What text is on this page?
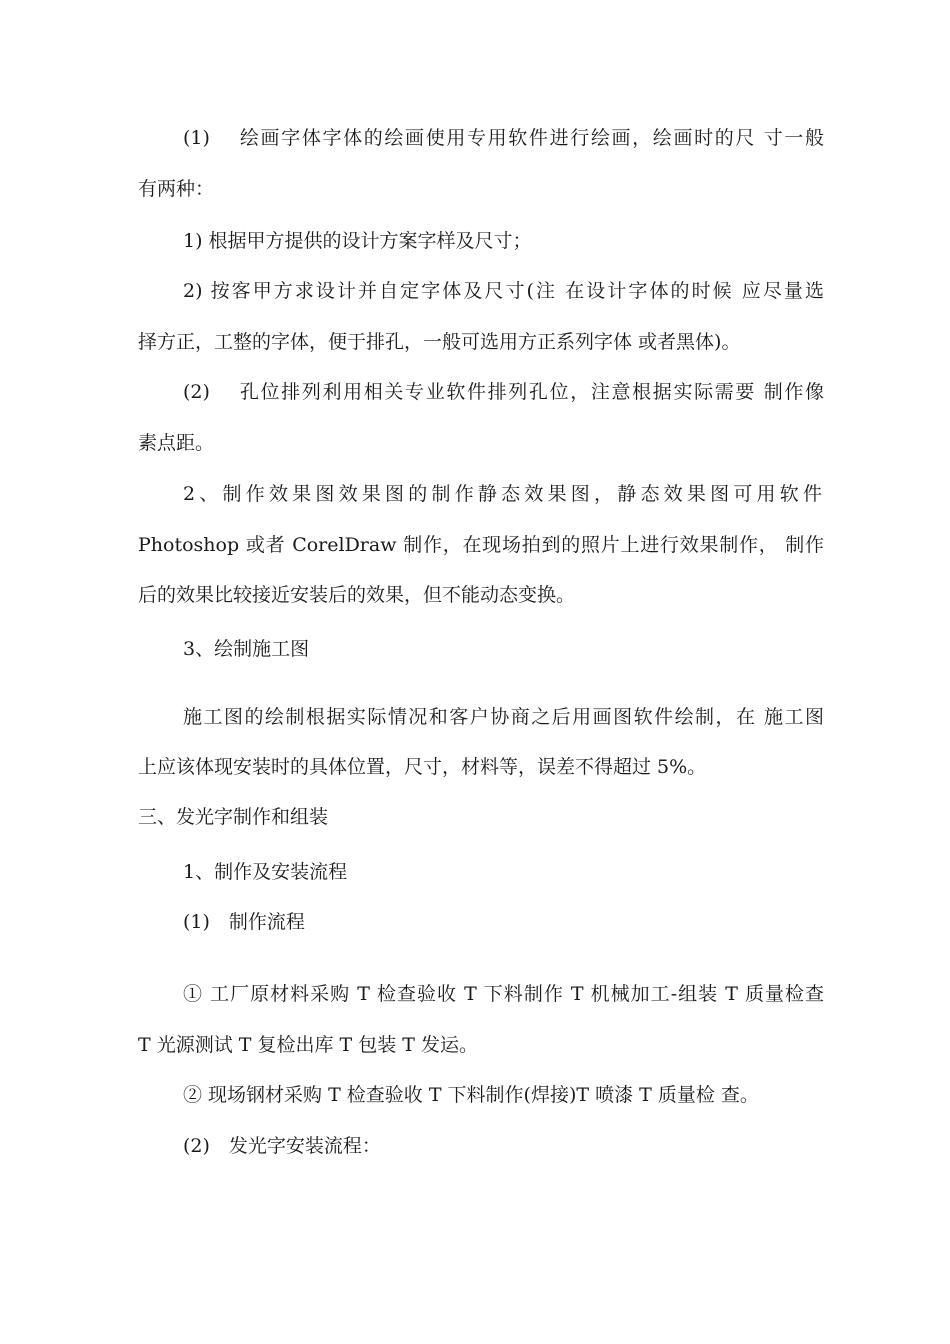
(1)　 绘画字体字体的绘画使用专用软件进行绘画，绘画时的尺 寸一般
有两种：
1) 根据甲方提供的设计方案字样及尺寸；
2) 按客甲方求设计并自定字体及尺寸(注 在设计字体的时候 应尽量选
择方正，工整的字体，便于排孔，一般可选用方正系列字体 或者黑体)。
(2)　 孔位排列利用相关专业软件排列孔位，注意根据实际需要 制作像
素点距。
2、制作效果图效果图的制作静态效果图，静态效果图可用软件
Photoshop 或者 CorelDraw 制作，在现场拍到的照片上进行效果制作， 制作
后的效果比较接近安装后的效果，但不能动态变换。
3、绘制施工图
施工图的绘制根据实际情况和客户协商之后用画图软件绘制，在 施工图
上应该体现安装时的具体位置，尺寸，材料等，误差不得超过 5%。
三、发光字制作和组装
1、制作及安装流程
(1)　制作流程
① 工厂原材料采购 T 检查验收 T 下料制作 T 机械加工-组装 T 质量检查
T 光源测试 T 复检出库 T 包装 T 发运。
② 现场钢材采购 T 检查验收 T 下料制作(焊接)T 喷漆 T 质量检 查。
(2)　发光字安装流程：
